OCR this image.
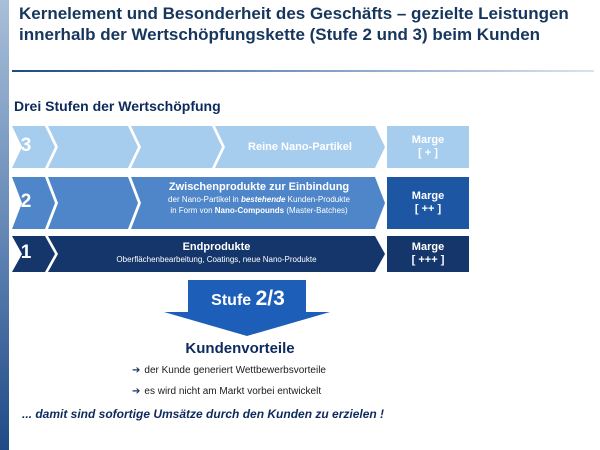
Kernelement und Besonderheit des Geschäfts – gezielte Leistungen innerhalb der Wertschöpfungskette (Stufe 2 und 3) beim Kunden
Drei Stufen der Wertschöpfung
3
2
1
Reine Nano-Partikel
Zwischenprodukte zur Einbindung
der Nano-Partikel in bestehende Kunden-Produkte
in Form von Nano-Compounds (Master-Batches)
Endprodukte
Oberflächenbearbeitung, Coatings, neue Nano-Produkte
Marge
[ + ]
Marge
[ ++ ]
Marge
[ +++ ]
Stufe 2/3
Kundenvorteile
➔ der Kunde generiert Wettbewerbsvorteile
➔ es wird nicht am Markt vorbei entwickelt
... damit sind sofortige Umsätze durch den Kunden zu erzielen !
